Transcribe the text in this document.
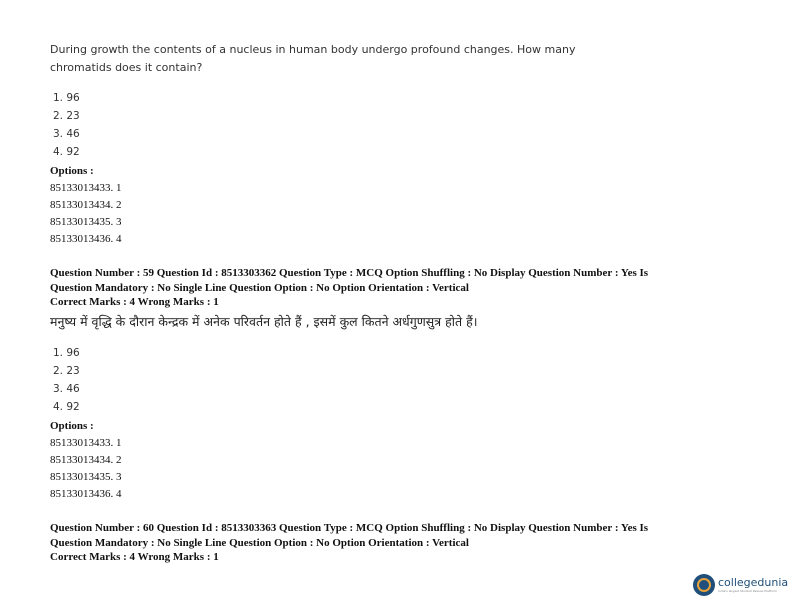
During growth the contents of a nucleus in human body undergo profound changes. How many chromatids does it contain?
1. 96
2. 23
3. 46
4. 92
Options :
85133013433. 1
85133013434. 2
85133013435. 3
85133013436. 4
Question Number : 59 Question Id : 8513303362 Question Type : MCQ Option Shuffling : No Display Question Number : Yes Is
Question Mandatory : No Single Line Question Option : No Option Orientation : Vertical
Correct Marks : 4 Wrong Marks : 1
मनुष्य में वृद्धि के दौरान केन्द्रक में अनेक परिवर्तन होते हैं , इसमें कुल कितने अर्धगुणसुत्र होते हैं।
1. 96
2. 23
3. 46
4. 92
Options :
85133013433. 1
85133013434. 2
85133013435. 3
85133013436. 4
Question Number : 60 Question Id : 8513303363 Question Type : MCQ Option Shuffling : No Display Question Number : Yes Is
Question Mandatory : No Single Line Question Option : No Option Orientation : Vertical
Correct Marks : 4 Wrong Marks : 1
collegedunia
India's largest Student Review Platform
